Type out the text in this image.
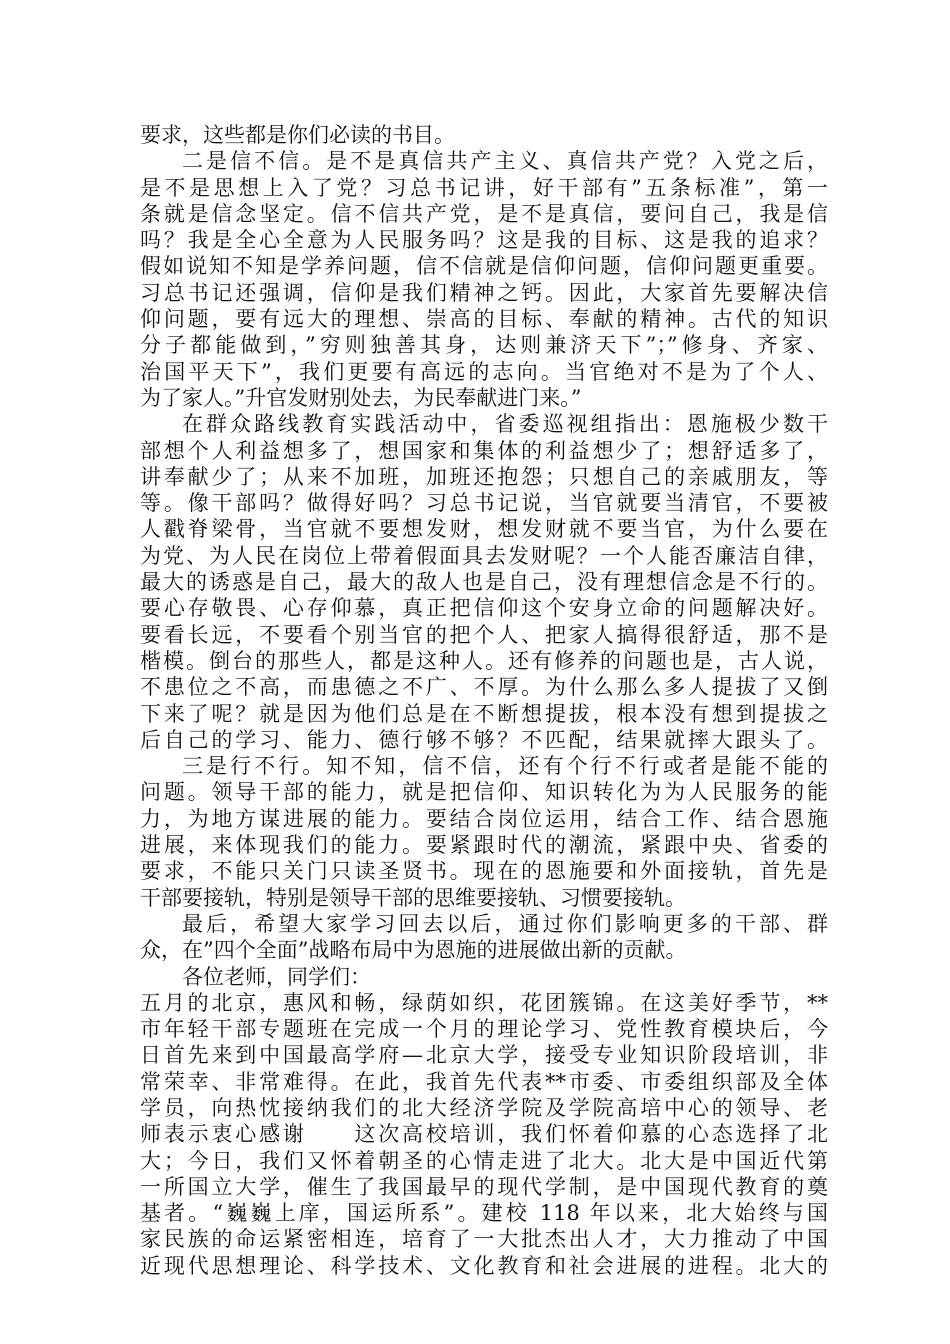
要求，这些都是你们必读的书目。
二是信不信。是不是真信共产主义、真信共产党？入党之后，
是不是思想上入了党？习总书记讲，好干部有”五条标准”，第一
条就是信念坚定。信不信共产党，是不是真信，要问自己，我是信
吗？我是全心全意为人民服务吗？这是我的目标、这是我的追求？
假如说知不知是学养问题，信不信就是信仰问题，信仰问题更重要。
习总书记还强调，信仰是我们精神之钙。因此，大家首先要解决信
仰问题，要有远大的理想、崇高的目标、奉献的精神。古代的知识
分子都能做到，”穷则独善其身，达则兼济天下”；”修身、齐家、
治国平天下”，我们更要有高远的志向。当官绝对不是为了个人、
为了家人。”升官发财别处去，为民奉献进门来。”
在群众路线教育实践活动中，省委巡视组指出：恩施极少数干
部想个人利益想多了，想国家和集体的利益想少了；想舒适多了，
讲奉献少了；从来不加班，加班还抱怨；只想自己的亲戚朋友，等
等。像干部吗？做得好吗？习总书记说，当官就要当清官，不要被
人戳脊梁骨，当官就不要想发财，想发财就不要当官，为什么要在
为党、为人民在岗位上带着假面具去发财呢？一个人能否廉洁自律，
最大的诱惑是自己，最大的敌人也是自己，没有理想信念是不行的。
要心存敬畏、心存仰慕，真正把信仰这个安身立命的问题解决好。
要看长远，不要看个别当官的把个人、把家人搞得很舒适，那不是
楷模。倒台的那些人，都是这种人。还有修养的问题也是，古人说，
不患位之不高，而患德之不广、不厚。为什么那么多人提拔了又倒
下来了呢？就是因为他们总是在不断想提拔，根本没有想到提拔之
后自己的学习、能力、德行够不够？不匹配，结果就摔大跟头了。
三是行不行。知不知，信不信，还有个行不行或者是能不能的
问题。领导干部的能力，就是把信仰、知识转化为为人民服务的能
力，为地方谋进展的能力。要结合岗位运用，结合工作、结合恩施
进展，来体现我们的能力。要紧跟时代的潮流，紧跟中央、省委的
要求，不能只关门只读圣贤书。现在的恩施要和外面接轨，首先是
干部要接轨，特别是领导干部的思维要接轨、习惯要接轨。
最后，希望大家学习回去以后，通过你们影响更多的干部、群
众，在”四个全面”战略布局中为恩施的进展做出新的贡献。
各位老师，同学们：
五月的北京，惠风和畅，绿荫如织，花团簇锦。在这美好季节，**
市年轻干部专题班在完成一个月的理论学习、党性教育模块后，今
日首先来到中国最高学府—北京大学，接受专业知识阶段培训，非
常荣幸、非常难得。在此，我首先代表**市委、市委组织部及全体
学员，向热忱接纳我们的北大经济学院及学院高培中心的领导、老
师表示衷心感谢　　这次高校培训，我们怀着仰慕的心态选择了北
大；今日，我们又怀着朝圣的心情走进了北大。北大是中国近代第
一所国立大学，催生了我国最早的现代学制，是中国现代教育的奠
基者。“巍巍上庠，国运所系”。建校 118 年以来，北大始终与国
家民族的命运紧密相连，培育了一大批杰出人才，大力推动了中国
近现代思想理论、科学技术、文化教育和社会进展的进程。北大的
